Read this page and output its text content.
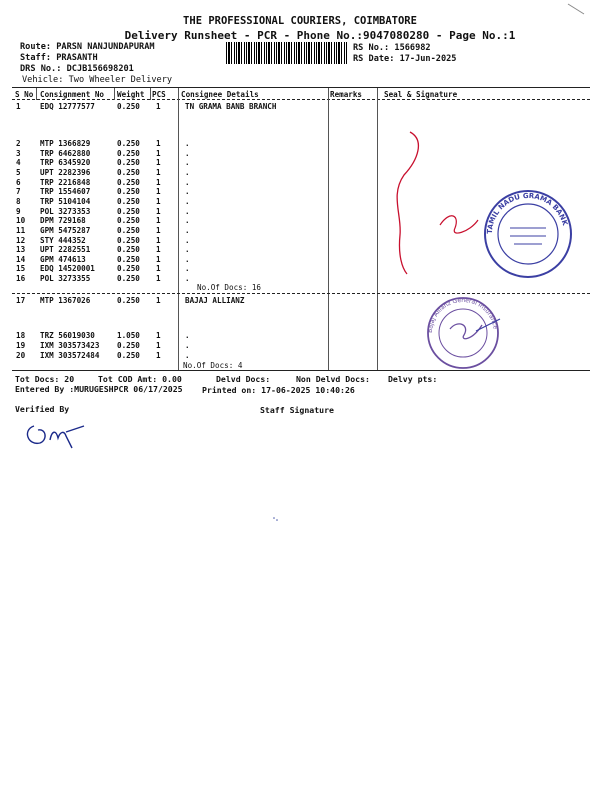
THE PROFESSIONAL COURIERS, COIMBATORE
Delivery Runsheet - PCR - Phone No.:9047080280 - Page No.:1
Route: PARSN NANJUNDAPURAM
Staff: PRASANTH
DRS No.: DCJB156698201
Vehicle: Two Wheeler Delivery
RS No.: 1566982
RS Date: 17-Jun-2025
S No Consignment No Weight PCS Consignee Details	Remarks	Seal & Signature
1	EDQ 12777577	0.250 1	TN GRAMA BANB BRANCH
2	MTP 1366829	0.250 1	.
3	TRP 6462880	0.250 1	.
4	TRP 6345920	0.250 1	.
5	UPT 2282396	0.250 1	.
6	TRP 2216848	0.250 1	.
7	TRP 1554607	0.250 1	.
8	TRP 5104104	0.250 1	.
9	POL 3273353	0.250 1	.
10 DPM 729168	0.250 1	.
11 GPM 5475287	0.250 1	.
12 STY 444352	0.250 1	.
13 UPT 2282551	0.250 1	.
14 GPM 474613	0.250 1	.
15 EDQ 14520001	0.250 1	.
16 POL 3273355	0.250 1	.
No.Of Docs: 16
17 MTP 1367026	0.250 1	BAJAJ ALLIANZ
18 TRZ 56019030	1.050 1	.
19 IXM 303573423 0.250 1	.
20 IXM 303572484 0.250 1	.
No.Of Docs: 4
Tot Docs: 20	Tot COD Amt: 0.00	Delvd Docs:	Non Delvd Docs: Delvy pts:
Entered By :MURUGESHPCR 06/17/2025 Printed on: 17-06-2025 10:40:26
Verified By	Staff Signature
TAMIL NADU GRAMA BANK
Bajaj Allianz General Insurance
